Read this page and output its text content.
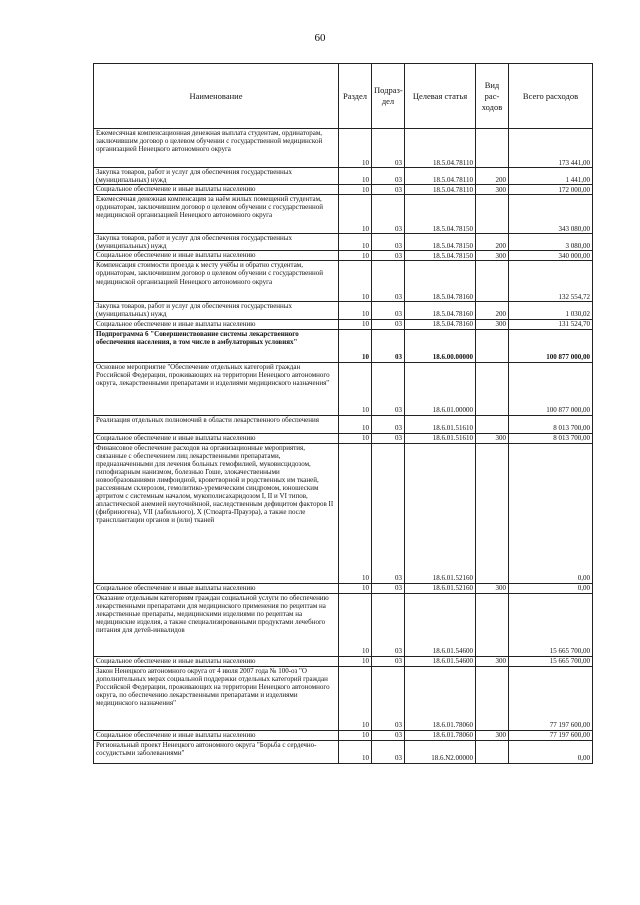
60
Наименование	Раздел	Подраз-дел	Целевая статья	Вид рас-ходов	Всего расходов
Ежемесячная компенсационная денежная выплата студентам, ординаторам, заключившим договор о целевом обучении с государственной медицинской организацией Ненецкого автономного округа	10	03	18.5.04.78110		173 441,00
Закупка товаров, работ и услуг для обеспечения государственных (муниципальных) нужд	10	03	18.5.04.78110	200	1 441,00
Социальное обеспечение и иные выплаты населению	10	03	18.5.04.78110	300	172 000,00
Ежемесячная денежная компенсация за наём жилых помещений студентам, ординаторам, заключившим договор о целевом обучении с государственной медицинской организацией Ненецкого автономного округа	10	03	18.5.04.78150		343 080,00
Закупка товаров, работ и услуг для обеспечения государственных (муниципальных) нужд	10	03	18.5.04.78150	200	3 080,00
Социальное обеспечение и иные выплаты населению	10	03	18.5.04.78150	300	340 000,00
Компенсация стоимости проезда к месту учёбы и обратно студентам, ординаторам, заключившим договор о целевом обучении с государственной медицинской организацией Ненецкого автономного округа	10	03	18.5.04.78160		132 554,72
Закупка товаров, работ и услуг для обеспечения государственных (муниципальных) нужд	10	03	18.5.04.78160	200	1 030,02
Социальное обеспечение и иные выплаты населению	10	03	18.5.04.78160	300	131 524,70
Подпрограмма 6 "Совершенствование системы лекарственного обеспечения населения, в том числе в амбулаторных условиях"	10	03	18.6.00.00000		100 877 000,00
Основное мероприятие "Обеспечение отдельных категорий граждан Российской Федерации, проживающих на территории Ненецкого автономного округа, лекарственными препаратами и изделиями медицинского назначения"	10	03	18.6.01.00000		100 877 000,00
Реализация отдельных полномочий в области лекарственного обеспечения	10	03	18.6.01.51610		8 013 700,00
Социальное обеспечение и иные выплаты населению	10	03	18.6.01.51610	300	8 013 700,00
Финансовое обеспечение расходов на организационные мероприятия, связанные с обеспечением лиц лекарственными препаратами, предназначенными для лечения больных гемофилией, муковисцидозом, гипофизарным нанизмом, болезнью Гоше, злокачественными новообразованиями лимфоидной, кроветворной и родственных им тканей, рассеянным склерозом, гемолитико-уремическим синдромом, юношеским артритом с системным началом, мукополисахаридозом I, II и VI типов, апластической анемией неуточнённой, наследственным дефицитом факторов II (фибриногена), VII (лабильного), X (Стюарта-Прауэра), а также после трансплантации органов и (или) тканей	10	03	18.6.01.52160		0,00
Социальное обеспечение и иные выплаты населению	10	03	18.6.01.52160	300	0,00
Оказание отдельным категориям граждан социальной услуги по обеспечению лекарственными препаратами для медицинского применения по рецептам на лекарственные препараты, медицинскими изделиями по рецептам на медицинские изделия, а также специализированными продуктами лечебного питания для детей-инвалидов	10	03	18.6.01.54600		15 665 700,00
Социальное обеспечение и иные выплаты населению	10	03	18.6.01.54600	300	15 665 700,00
Закон Ненецкого автономного округа от 4 июля 2007 года № 100-оз "О дополнительных мерах социальной поддержки отдельных категорий граждан Российской Федерации, проживающих на территории Ненецкого автономного округа, по обеспечению лекарственными препаратами и изделиями медицинского назначения"	10	03	18.6.01.78060		77 197 600,00
Социальное обеспечение и иные выплаты населению	10	03	18.6.01.78060	300	77 197 600,00
Региональный проект Ненецкого автономного округа "Борьба с сердечно-сосудистыми заболеваниями"	10	03	18.6.N2.00000		0,00
